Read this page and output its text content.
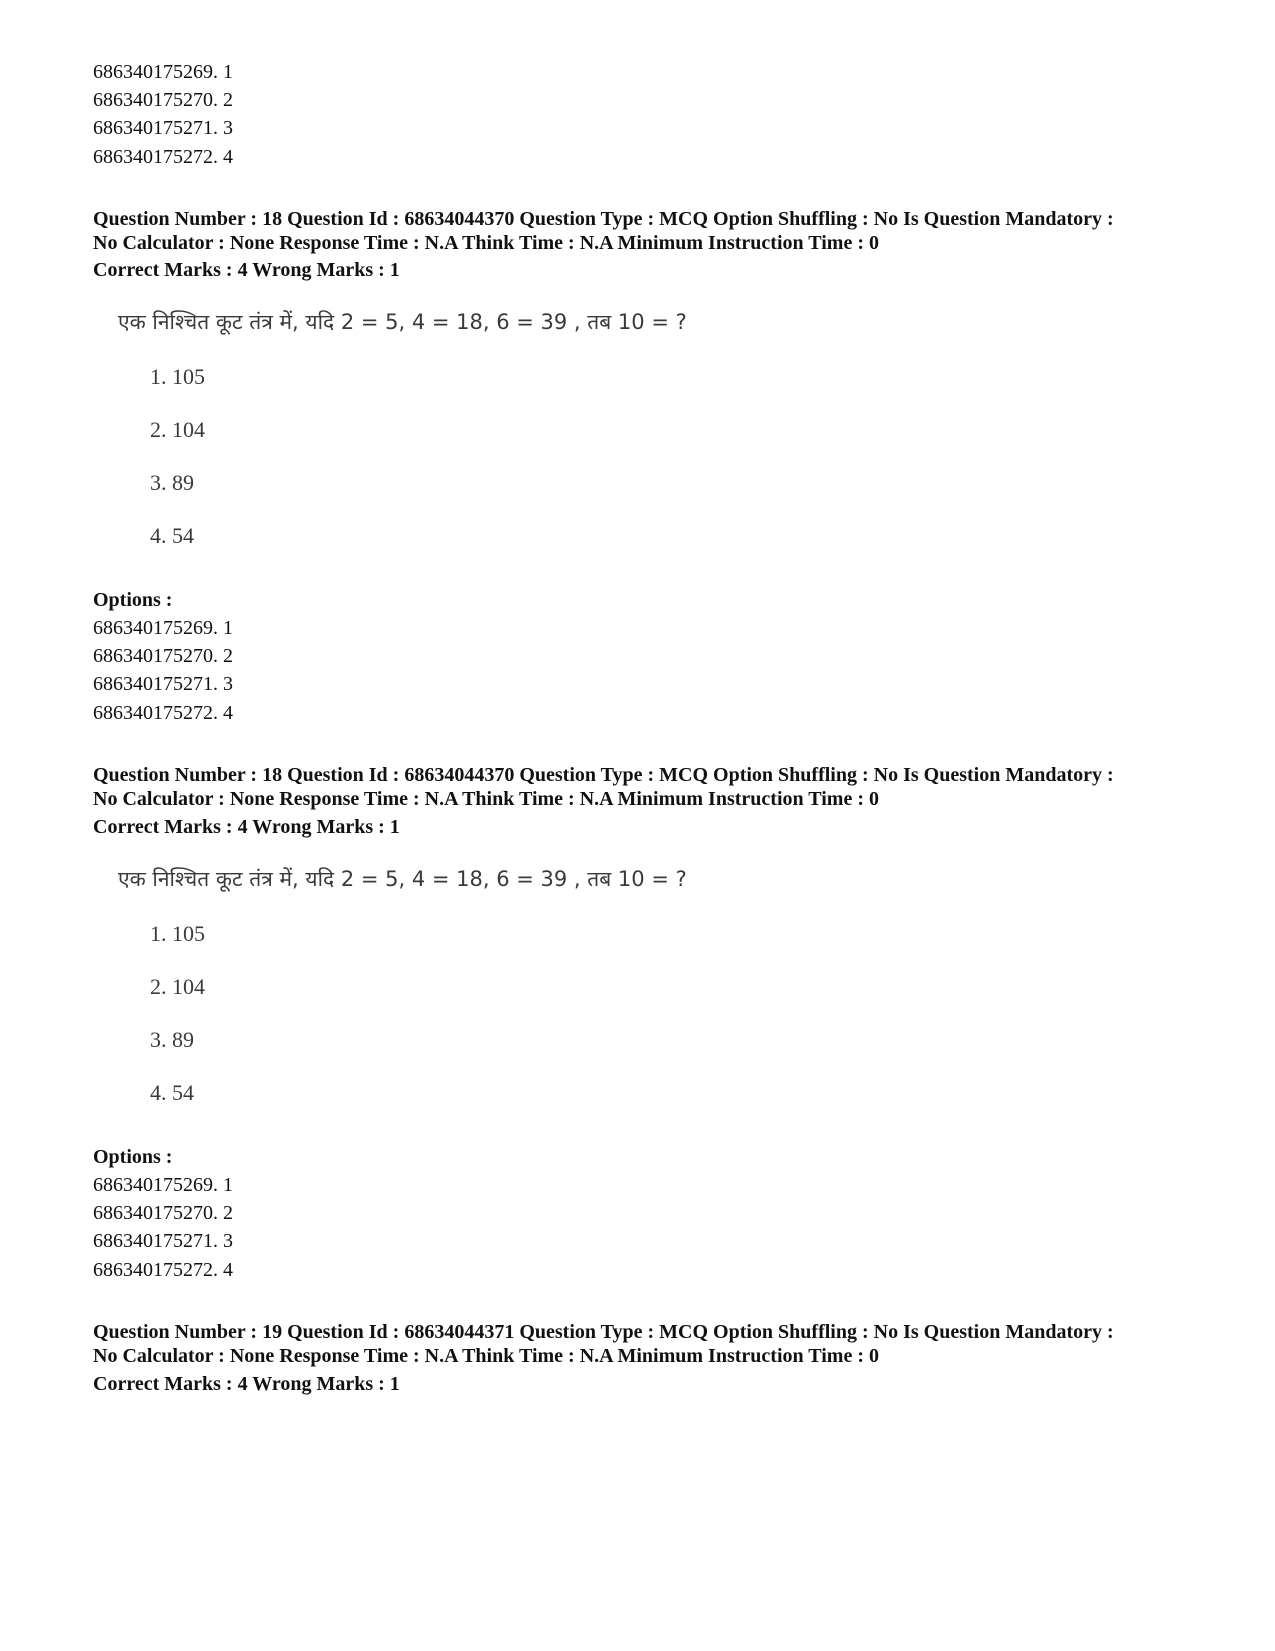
686340175269. 1
686340175270. 2
686340175271. 3
686340175272. 4
Question Number : 18 Question Id : 68634044370 Question Type : MCQ Option Shuffling : No Is Question Mandatory :
No Calculator : None Response Time : N.A Think Time : N.A Minimum Instruction Time : 0
Correct Marks : 4 Wrong Marks : 1
एक निश्चित कूट तंत्र में, यदि 2 = 5, 4 = 18, 6 = 39 , तब 10 = ?
1. 105
2. 104
3. 89
4. 54
Options :
686340175269. 1
686340175270. 2
686340175271. 3
686340175272. 4
Question Number : 18 Question Id : 68634044370 Question Type : MCQ Option Shuffling : No Is Question Mandatory :
No Calculator : None Response Time : N.A Think Time : N.A Minimum Instruction Time : 0
Correct Marks : 4 Wrong Marks : 1
एक निश्चित कूट तंत्र में, यदि 2 = 5, 4 = 18, 6 = 39 , तब 10 = ?
1. 105
2. 104
3. 89
4. 54
Options :
686340175269. 1
686340175270. 2
686340175271. 3
686340175272. 4
Question Number : 19 Question Id : 68634044371 Question Type : MCQ Option Shuffling : No Is Question Mandatory :
No Calculator : None Response Time : N.A Think Time : N.A Minimum Instruction Time : 0
Correct Marks : 4 Wrong Marks : 1
